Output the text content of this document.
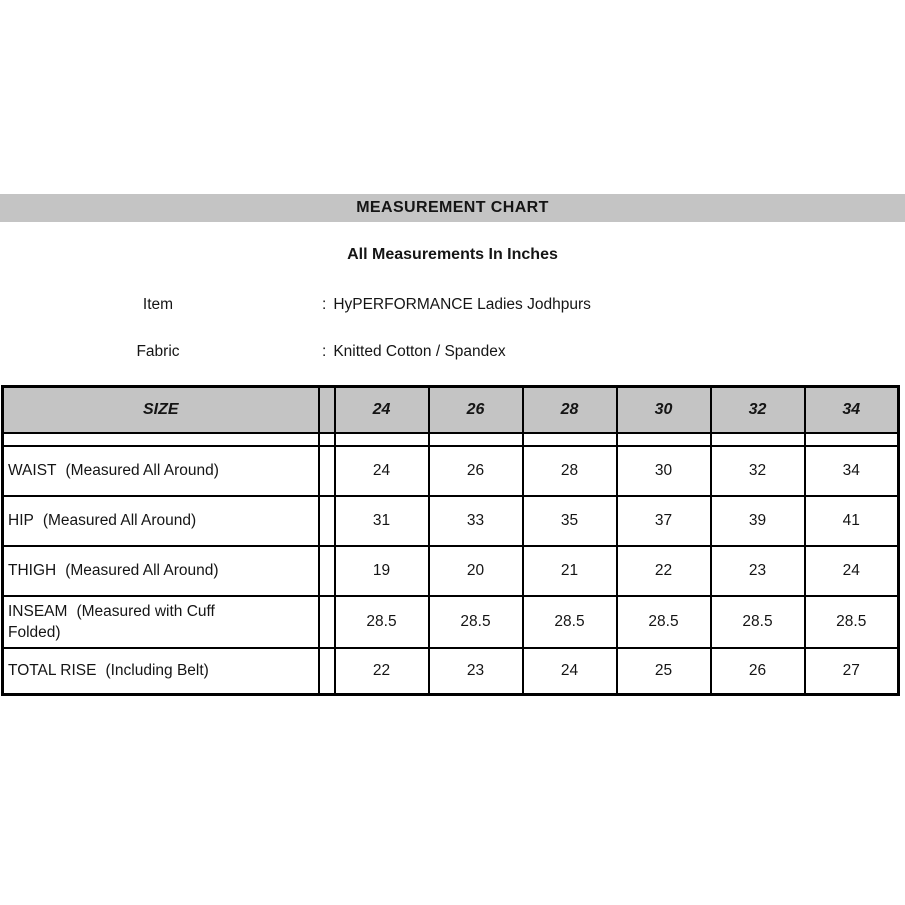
MEASUREMENT CHART
All Measurements In Inches
Item	: HyPERFORMANCE Ladies Jodhpurs
Fabric	: Knitted Cotton / Spandex
SIZE		24	26	28	30	32	34

WAIST (Measured All Around)		24	26	28	30	32	34
HIP (Measured All Around)		31	33	35	37	39	41
THIGH (Measured All Around)		19	20	21	22	23	24
INSEAM (Measured with Cuff Folded)		28.5	28.5	28.5	28.5	28.5	28.5
TOTAL RISE (Including Belt)		22	23	24	25	26	27
